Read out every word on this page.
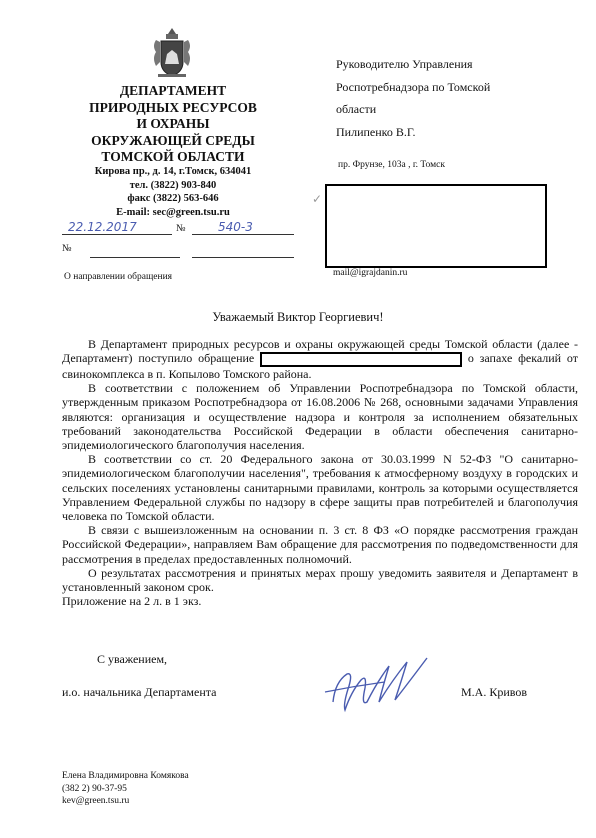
ДЕПАРТАМЕНТ
ПРИРОДНЫХ РЕСУРСОВ
И ОХРАНЫ
ОКРУЖАЮЩЕЙ СРЕДЫ
ТОМСКОЙ ОБЛАСТИ
Кирова пр., д. 14, г.Томск, 634041
тел. (3822) 903-840
факс (3822) 563-646
E-mail: sec@green.tsu.ru
22.12.2017	№	540-3
№
О направлении обращения
Руководителю Управления
Роспотребнадзора по Томской
области
Пилипенко В.Г.
пр. Фрунзе, 103а , г. Томск
✓
mail@igrajdanin.ru
Уважаемый Виктор Георгиевич!

В Департамент природных ресурсов и охраны окружающей среды Томской области (далее - Департамент) поступило обращение	о запахе фекалий от свинокомплекса в п. Копылово Томского района.

В соответствии с положением об Управлении Роспотребнадзора по Томской области, утвержденным приказом Роспотребнадзора от 16.08.2006 № 268, основными задачами Управления являются: организация и осуществление надзора и контроля за исполнением обязательных требований законодательства Российской Федерации в области обеспечения санитарно-эпидемиологического благополучия населения.

В соответствии со ст. 20 Федерального закона от 30.03.1999 N 52-ФЗ "О санитарно-эпидемиологическом благополучии населения", требования к атмосферному воздуху в городских и сельских поселениях установлены санитарными правилами, контроль за которыми осуществляется Управлением Федеральной службы по надзору в сфере защиты прав потребителей и благополучия человека по Томской области.

В связи с вышеизложенным на основании п. 3 ст. 8 ФЗ «О порядке рассмотрения граждан Российской Федерации», направляем Вам обращение для рассмотрения по подведомственности для рассмотрения в пределах предоставленных полномочий.

О результатах рассмотрения и принятых мерах прошу уведомить заявителя и Департамент в установленный законом срок.

Приложение на 2 л. в 1 экз.

С уважением,
и.о. начальника Департамента	М.А. Кривов
Елена Владимировна Комякова
(382 2) 90-37-95
kev@green.tsu.ru
